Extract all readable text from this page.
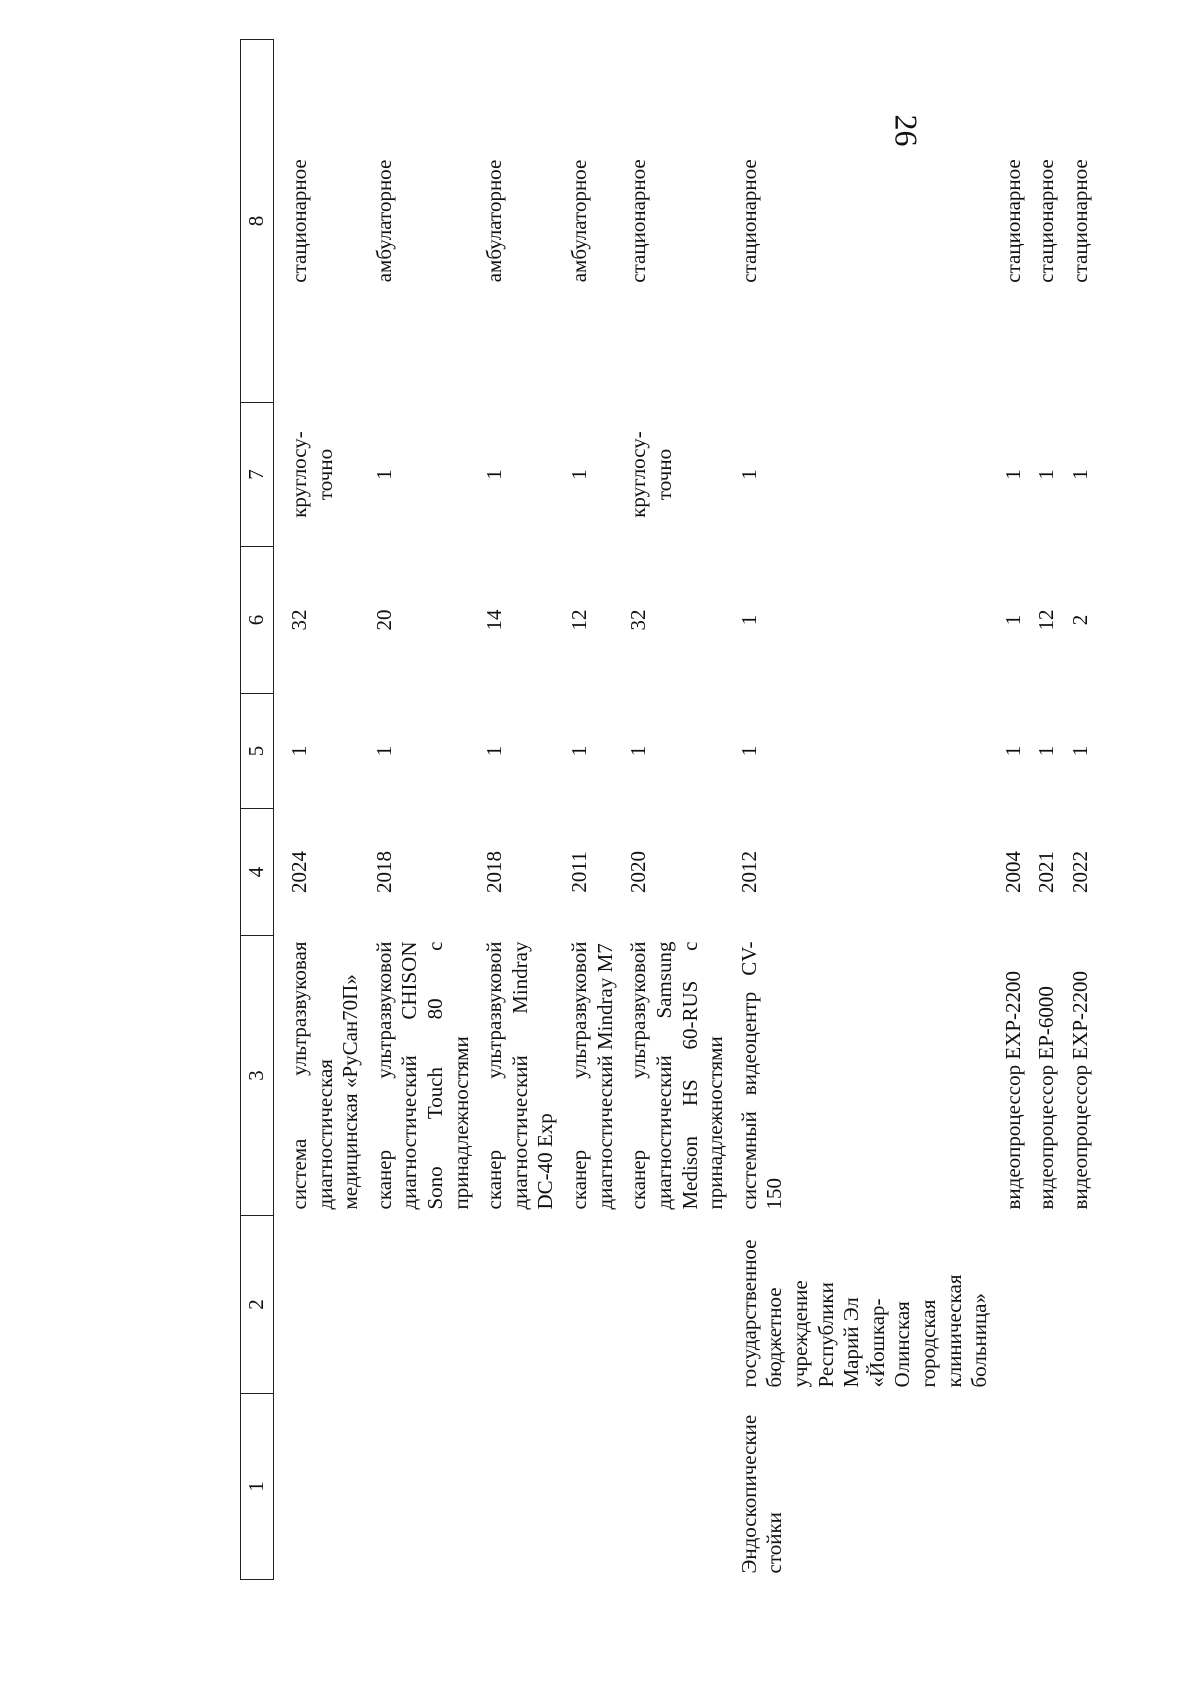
26
1	2	3	4	5	6	7	8
		система ультразвуковая диагностическая медицинская «РуСан70П»	2024	1	32	круглосу-точно	стационарное
		сканер ультразвуковой диагностический CHISON Sono Touch 80 с принадлежностями	2018	1	20	1	амбулаторное
		сканер ультразвуковой диагностический Mindray DC-40 Exp	2018	1	14	1	амбулаторное
		сканер ультразвуковой диагностический Mindray M7	2011	1	12	1	амбулаторное
		сканер ультразвуковой диагностический Samsung Medison HS 60-RUS с принадлежностями	2020	1	32	круглосу-точно	стационарное
Эндоскопические стойки	государственное бюджетное учреждение Республики Марий Эл «Йошкар-Олинская городская клиническая больница»	системный видеоцентр CV-150	2012	1	1	1	стационарное
		видеопроцессор EXP-2200	2004	1	1	1	стационарное
		видеопроцессор EP-6000	2021	1	12	1	стационарное
		видеопроцессор EXP-2200	2022	1	2	1	стационарное
